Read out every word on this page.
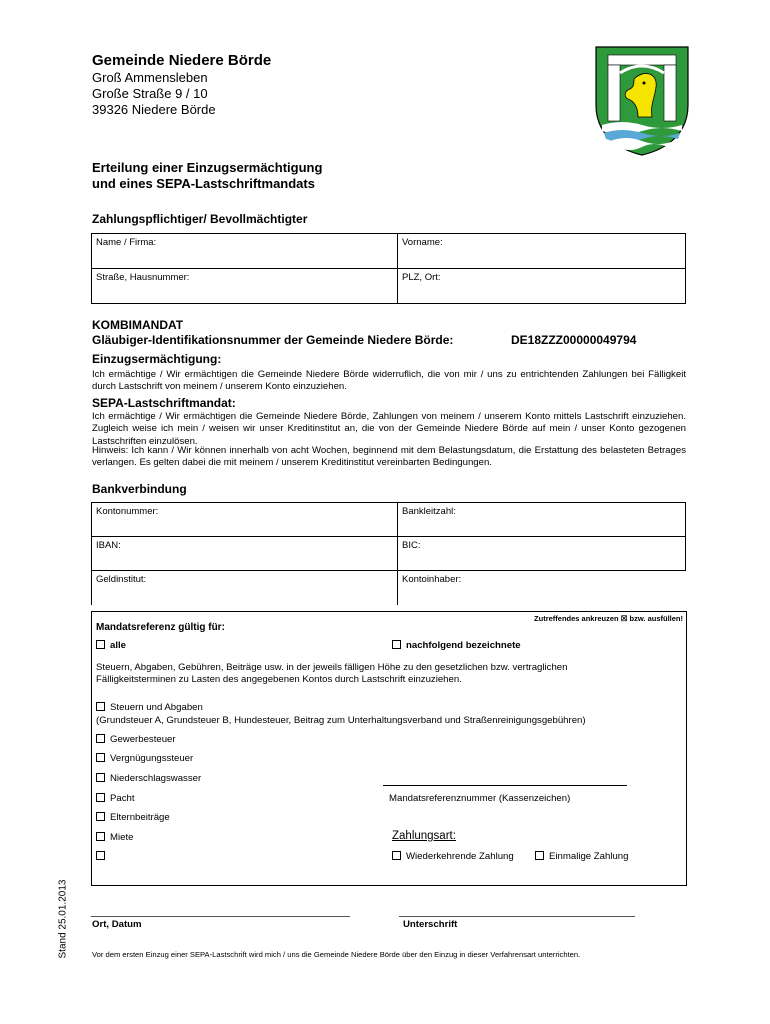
Gemeinde Niedere Börde
Groß Ammensleben
Große Straße 9 / 10
39326 Niedere Börde
Erteilung einer Einzugsermächtigung
und eines SEPA-Lastschriftmandats
Zahlungspflichtiger/ Bevollmächtigter
Name / Firma:	Vorname:
Straße, Hausnummer:	PLZ, Ort:
KOMBIMANDAT
Gläubiger-Identifikationsnummer der Gemeinde Niedere Börde:	DE18ZZZ00000049794
Einzugsermächtigung:
Ich ermächtige / Wir ermächtigen die Gemeinde Niedere Börde widerruflich, die von mir / uns zu entrichtenden Zahlungen bei Fälligkeit durch Lastschrift von meinem / unserem Konto einzuziehen.
SEPA-Lastschriftmandat:
Ich ermächtige / Wir ermächtigen die Gemeinde Niedere Börde, Zahlungen von meinem / unserem Konto mittels Lastschrift einzuziehen. Zugleich weise ich mein / weisen wir unser Kreditinstitut an, die von der Gemeinde Niedere Börde auf mein / unser Konto gezogenen Lastschriften einzulösen.
Hinweis: Ich kann / Wir können innerhalb von acht Wochen, beginnend mit dem Belastungsdatum, die Erstattung des belasteten Betrages verlangen. Es gelten dabei die mit meinem / unserem Kreditinstitut vereinbarten Bedingungen.
Bankverbindung
Kontonummer:	Bankleitzahl:
IBAN:	BIC:
Geldinstitut:	Kontoinhaber:
Zutreffendes ankreuzen ☒ bzw. ausfüllen!
Mandatsreferenz gültig für:
alle	nachfolgend bezeichnete
Steuern, Abgaben, Gebühren, Beiträge usw. in der jeweils fälligen Höhe zu den gesetzlichen bzw. vertraglichen
Fälligkeitsterminen zu Lasten des angegebenen Kontos durch Lastschrift einzuziehen.
Steuern und Abgaben
(Grundsteuer A, Grundsteuer B, Hundesteuer, Beitrag zum Unterhaltungsverband und Straßenreinigungsgebühren)
Gewerbesteuer
Vergnügungssteuer
Niederschlagswasser
Pacht
Elternbeiträge
Miete
Mandatsreferenznummer (Kassenzeichen)
Zahlungsart:
Wiederkehrende Zahlung	Einmalige Zahlung
Ort, Datum	Unterschrift
Vor dem ersten Einzug einer SEPA-Lastschrift wird mich / uns die Gemeinde Niedere Börde über den Einzug in dieser Verfahrensart unterrichten.
Stand 25.01.2013
